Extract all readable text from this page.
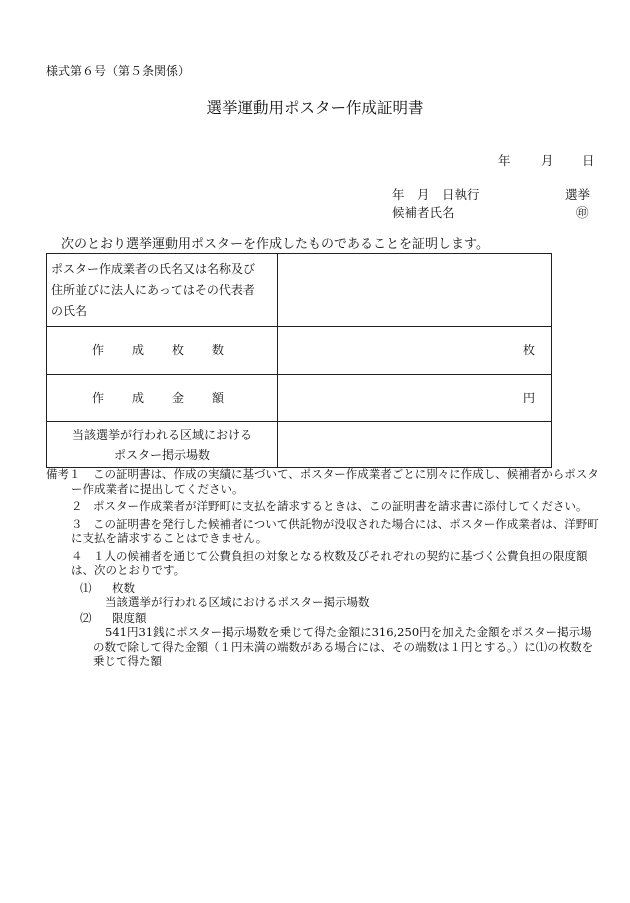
様式第６号（第５条関係）
選挙運動用ポスター作成証明書
年 月 日
年　月　日執行	選挙
候補者氏名	㊞
次のとおり選挙運動用ポスターを作成したものであることを証明します。
ポスター作成業者の氏名又は名称及び
住所並びに法人にあってはその代表者
の氏名	

作　成　枚　数	枚

作　成　金　額	円

当該選挙が行われる区域における
ポスター掲示場数	

備考１	この証明書は、作成の実績に基づいて、ポスター作成業者ごとに別々に作成し、候補者からポスター作成業者に提出してください。
２ ポスター作成業者が洋野町に支払を請求するときは、この証明書を請求書に添付してください。
３ この証明書を発行した候補者について供託物が没収された場合には、ポスター作成業者は、洋野町に支払を請求することはできません。
４ １人の候補者を通じて公費負担の対象となる枚数及びそれぞれの契約に基づく公費負担の限度額は、次のとおりです。
⑴	枚数
当該選挙が行われる区域におけるポスター掲示場数
⑵	限度額
541円31銭にポスター掲示場数を乗じて得た金額に316,250円を加えた金額をポスター掲示場の数で除して得た金額（１円未満の端数がある場合には、その端数は１円とする。）に⑴の枚数を乗じて得た額
